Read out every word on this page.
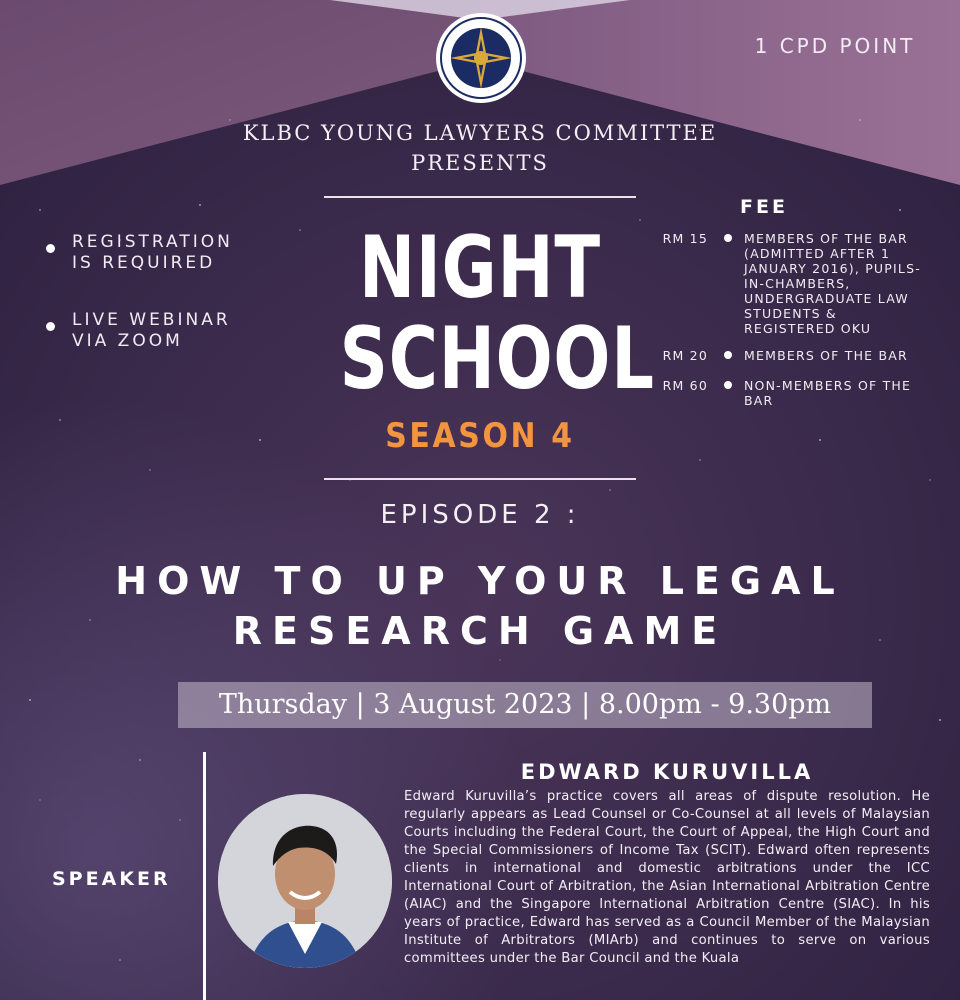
1 CPD POINT
KLBC YOUNG LAWYERS COMMITTEE
PRESENTS
REGISTRATION
IS REQUIRED
LIVE WEBINAR
VIA ZOOM
NIGHT
SCHOOL
SEASON 4
FEE
RM 15	MEMBERS OF THE BAR (ADMITTED AFTER 1 JANUARY 2016), PUPILS-IN-CHAMBERS, UNDERGRADUATE LAW STUDENTS & REGISTERED OKU
RM 20	MEMBERS OF THE BAR
RM 60	NON-MEMBERS OF THE BAR
EPISODE 2 :
HOW TO UP YOUR LEGAL
RESEARCH GAME
Thursday | 3 August 2023 | 8.00pm - 9.30pm
SPEAKER
EDWARD KURUVILLA
Edward Kuruvilla’s practice covers all areas of dispute resolution. He regularly appears as Lead Counsel or Co-Counsel at all levels of Malaysian Courts including the Federal Court, the Court of Appeal, the High Court and the Special Commissioners of Income Tax (SCIT). Edward often represents clients in international and domestic arbitrations under the ICC International Court of Arbitration, the Asian International Arbitration Centre (AIAC) and the Singapore International Arbitration Centre (SIAC). In his years of practice, Edward has served as a Council Member of the Malaysian Institute of Arbitrators (MIArb) and continues to serve on various committees under the Bar Council and the Kuala
